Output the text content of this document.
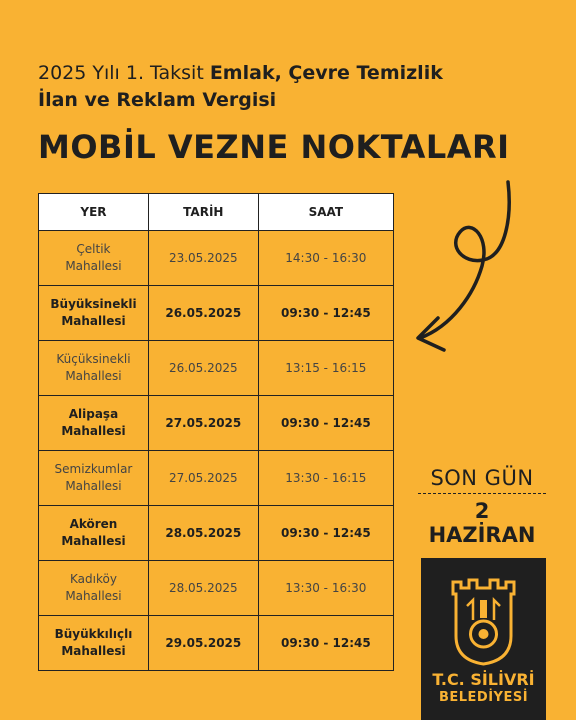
2025 Yılı 1. Taksit Emlak, Çevre Temizlik
İlan ve Reklam Vergisi
MOBİL VEZNE NOKTALARI
YER	TARİH	SAAT

Çeltik
Mahallesi	23.05.2025	14:30 - 16:30

Büyüksinekli
Mahallesi	26.05.2025	09:30 - 12:45

Küçüksinekli
Mahallesi	26.05.2025	13:15 - 16:15

Alipaşa
Mahallesi	27.05.2025	09:30 - 12:45

Semizkumlar
Mahallesi	27.05.2025	13:30 - 16:15

Akören
Mahallesi	28.05.2025	09:30 - 12:45

Kadıköy
Mahallesi	28.05.2025	13:30 - 16:30

Büyükkılıçlı
Mahallesi	29.05.2025	09:30 - 12:45
SON GÜN
2 HAZİRAN
T.C. SİLİVRİ
BELEDİYESİ
